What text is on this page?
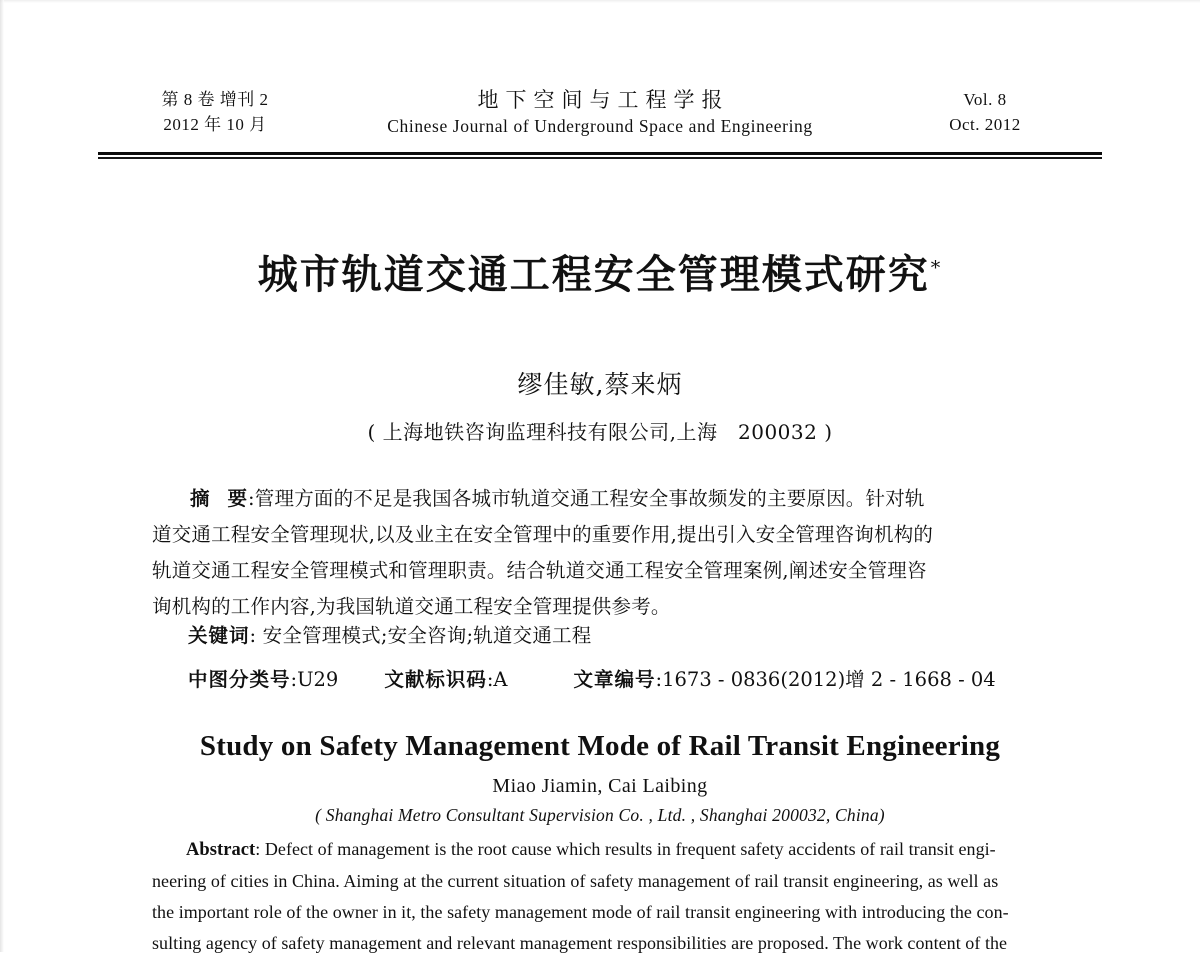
第 8 卷 增刊 2
2012 年 10 月
地下空间与工程学报
Chinese Journal of Underground Space and Engineering
Vol. 8
Oct. 2012
城市轨道交通工程安全管理模式研究*
缪佳敏,蔡来炳
( 上海地铁咨询监理科技有限公司,上海　200032 )
摘 要:管理方面的不足是我国各城市轨道交通工程安全事故频发的主要原因。针对轨
道交通工程安全管理现状,以及业主在安全管理中的重要作用,提出引入安全管理咨询机构的
轨道交通工程安全管理模式和管理职责。结合轨道交通工程安全管理案例,阐述安全管理咨
询机构的工作内容,为我国轨道交通工程安全管理提供参考。
关键词: 安全管理模式;安全咨询;轨道交通工程
中图分类号:U29 文献标识码:A	文章编号:1673 - 0836(2012)增 2 - 1668 - 04
Study on Safety Management Mode of Rail Transit Engineering
Miao Jiamin, Cai Laibing
( Shanghai Metro Consultant Supervision Co. , Ltd. , Shanghai 200032, China)
Abstract: Defect of management is the root cause which results in frequent safety accidents of rail transit engi-
neering of cities in China. Aiming at the current situation of safety management of rail transit engineering, as well as
the important role of the owner in it, the safety management mode of rail transit engineering with introducing the con-
sulting agency of safety management and relevant management responsibilities are proposed. The work content of the
